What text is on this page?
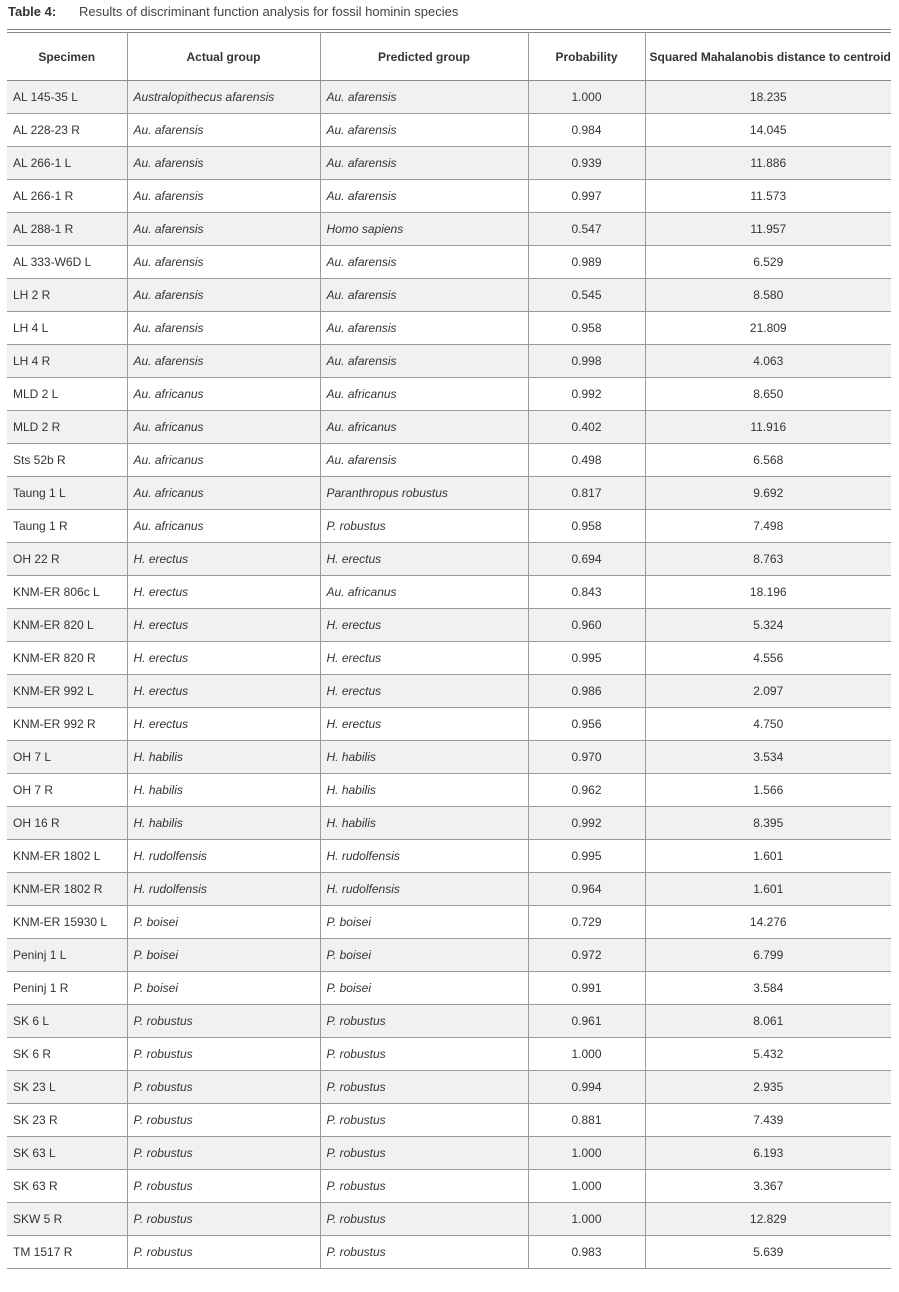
Table 4: Results of discriminant function analysis for fossil hominin species
Specimen	Actual group	Predicted group	Probability	Squared Mahalanobis distance to centroid
AL 145-35 L	Australopithecus afarensis	Au. afarensis	1.000	18.235
AL 228-23 R	Au. afarensis	Au. afarensis	0.984	14.045
AL 266-1 L	Au. afarensis	Au. afarensis	0.939	11.886
AL 266-1 R	Au. afarensis	Au. afarensis	0.997	11.573
AL 288-1 R	Au. afarensis	Homo sapiens	0.547	11.957
AL 333-W6D L	Au. afarensis	Au. afarensis	0.989	6.529
LH 2 R	Au. afarensis	Au. afarensis	0.545	8.580
LH 4 L	Au. afarensis	Au. afarensis	0.958	21.809
LH 4 R	Au. afarensis	Au. afarensis	0.998	4.063
MLD 2 L	Au. africanus	Au. africanus	0.992	8.650
MLD 2 R	Au. africanus	Au. africanus	0.402	11.916
Sts 52b R	Au. africanus	Au. afarensis	0.498	6.568
Taung 1 L	Au. africanus	Paranthropus robustus	0.817	9.692
Taung 1 R	Au. africanus	P. robustus	0.958	7.498
OH 22 R	H. erectus	H. erectus	0.694	8.763
KNM-ER 806c L	H. erectus	Au. africanus	0.843	18.196
KNM-ER 820 L	H. erectus	H. erectus	0.960	5.324
KNM-ER 820 R	H. erectus	H. erectus	0.995	4.556
KNM-ER 992 L	H. erectus	H. erectus	0.986	2.097
KNM-ER 992 R	H. erectus	H. erectus	0.956	4.750
OH 7 L	H. habilis	H. habilis	0.970	3.534
OH 7 R	H. habilis	H. habilis	0.962	1.566
OH 16 R	H. habilis	H. habilis	0.992	8.395
KNM-ER 1802 L	H. rudolfensis	H. rudolfensis	0.995	1.601
KNM-ER 1802 R	H. rudolfensis	H. rudolfensis	0.964	1.601
KNM-ER 15930 L	P. boisei	P. boisei	0.729	14.276
Peninj 1 L	P. boisei	P. boisei	0.972	6.799
Peninj 1 R	P. boisei	P. boisei	0.991	3.584
SK 6 L	P. robustus	P. robustus	0.961	8.061
SK 6 R	P. robustus	P. robustus	1.000	5.432
SK 23 L	P. robustus	P. robustus	0.994	2.935
SK 23 R	P. robustus	P. robustus	0.881	7.439
SK 63 L	P. robustus	P. robustus	1.000	6.193
SK 63 R	P. robustus	P. robustus	1.000	3.367
SKW 5 R	P. robustus	P. robustus	1.000	12.829
TM 1517 R	P. robustus	P. robustus	0.983	5.639
